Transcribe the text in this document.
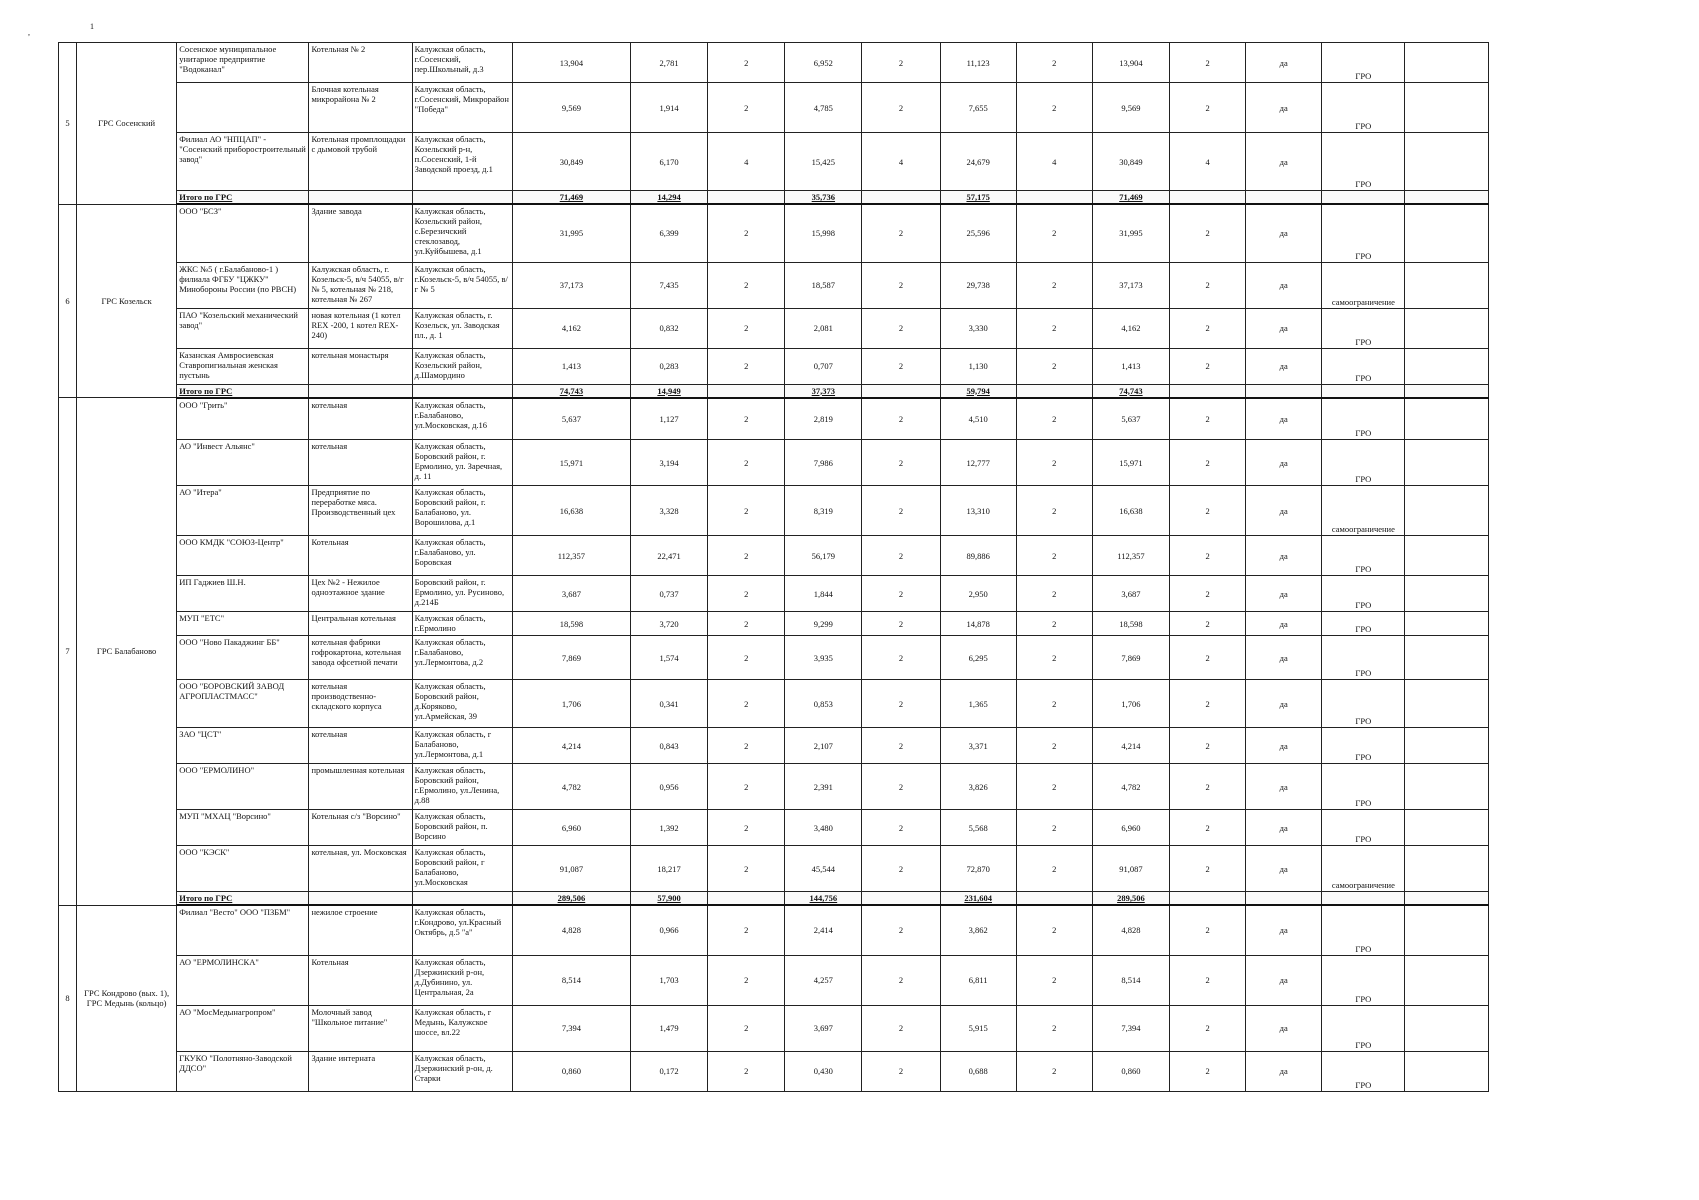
,
1
5	ГРС Сосенский	Сосенское муниципальное унитарное предприятие "Водоканал"	Котельная № 2	Калужская область, г.Сосенский, пер.Школьный, д.3	13,904	2,781	2	6,952	2	11,123	2	13,904	2	да	ГРО	
			Блочная котельная микрорайона № 2	Калужская область, г.Сосенский, Микрорайон "Победа"	9,569	1,914	2	4,785	2	7,655	2	9,569	2	да	ГРО	
		Филиал АО "НПЦАП" - "Сосенский приборостроительный завод"	Котельная промплощадки с дымовой трубой	Калужская область, Козельский р-н, п.Сосенский, 1-й Заводской проезд, д.1	30,849	6,170	4	15,425	4	24,679	4	30,849	4	да	ГРО	
		Итого по ГРС			71,469	14,294		35,736		57,175		71,469				
6	ГРС Козельск	ООО "БСЗ"	Здание завода	Калужская область, Козельский район, с.Березичский стеклозавод, ул.Куйбышева, д.1	31,995	6,399	2	15,998	2	25,596	2	31,995	2	да	ГРО	
		ЖКС №5 ( г.Балабаново-1 ) филиала ФГБУ "ЦЖКУ" Минобороны России (по РВСН)	Калужская область, г. Козельск-5, в/ч 54055, в/г № 5, котельная № 218, котельная № 267	Калужская область, г.Козельск-5, в/ч 54055, в/г № 5	37,173	7,435	2	18,587	2	29,738	2	37,173	2	да	самоограничение	
		ПАО "Козельский механический завод"	новая котельная (1 котел REX -200, 1 котел REX-240)	Калужская область, г. Козельск, ул. Заводская пл., д. 1	4,162	0,832	2	2,081	2	3,330	2	4,162	2	да	ГРО	
		Казанская Амвросиевская Ставропигиальная женская пустынь	котельная монастыря	Калужская область, Козельский район, д.Шамордино	1,413	0,283	2	0,707	2	1,130	2	1,413	2	да	ГРО	
		Итого по ГРС			74,743	14,949		37,373		59,794		74,743				
7	ГРС Балабаново	ООО "Грить"	котельная	Калужская область, г.Балабаново, ул.Московская, д.16	5,637	1,127	2	2,819	2	4,510	2	5,637	2	да	ГРО	
		АО "Инвест Альянс"	котельная	Калужская область, Боровский район, г. Ермолино, ул. Заречная, д. 11	15,971	3,194	2	7,986	2	12,777	2	15,971	2	да	ГРО	
		АО "Итера"	Предприятие по переработке мяса. Производственный цех	Калужская область, Боровский район, г. Балабаново, ул. Ворошилова, д.1	16,638	3,328	2	8,319	2	13,310	2	16,638	2	да	самоограничение	
		ООО КМДК "СОЮЗ-Центр"	Котельная	Калужская область, г.Балабаново, ул. Боровская	112,357	22,471	2	56,179	2	89,886	2	112,357	2	да	ГРО	
		ИП Гаджиев Ш.Н.	Цех №2 - Нежилое одноэтажное здание	Боровский район, г. Ермолино, ул. Русиново, д.214Б	3,687	0,737	2	1,844	2	2,950	2	3,687	2	да	ГРО	
		МУП "ЕТС"	Центральная котельная	Калужская область, г.Ермолино	18,598	3,720	2	9,299	2	14,878	2	18,598	2	да	ГРО	
		ООО "Ново Пакаджинг ББ"	котельная фабрики гофрокартона, котельная завода офсетной печати	Калужская область, г.Балабаново, ул.Лермонтова, д.2	7,869	1,574	2	3,935	2	6,295	2	7,869	2	да	ГРО	
		ООО "БОРОВСКИЙ ЗАВОД АГРОПЛАСТМАСС"	котельная производственно-складского корпуса	Калужская область, Боровский район, д.Коряково, ул.Армейская, 39	1,706	0,341	2	0,853	2	1,365	2	1,706	2	да	ГРО	
		ЗАО "ЦСТ"	котельная	Калужская область, г Балабаново, ул.Лермонтова, д.1	4,214	0,843	2	2,107	2	3,371	2	4,214	2	да	ГРО	
		ООО "ЕРМОЛИНО"	промышленная котельная	Калужская область, Боровский район, г.Ермолино, ул.Ленина, д.88	4,782	0,956	2	2,391	2	3,826	2	4,782	2	да	ГРО	
		МУП "МХАЦ "Ворсино"	Котельная с/з "Ворсино"	Калужская область, Боровский район, п. Ворсино	6,960	1,392	2	3,480	2	5,568	2	6,960	2	да	ГРО	
		ООО "КЭСК"	котельная, ул. Московская	Калужская область, Боровский район, г Балабаново, ул.Московская	91,087	18,217	2	45,544	2	72,870	2	91,087	2	да	самоограничение	
		Итого по ГРС			289,506	57,900		144,756		231,604		289,506				
8	ГРС Кондрово (вых. 1), ГРС Медынь (кольцо)	Филиал "Весто" ООО "ПЗБМ"	нежилое строение	Калужская область, г.Кондрово, ул.Красный Октябрь, д.5 "а"	4,828	0,966	2	2,414	2	3,862	2	4,828	2	да	ГРО	
		АО "ЕРМОЛИНСКА"	Котельная	Калужская область, Дзержинский р-он, д.Дубинино, ул. Центральная, 2а	8,514	1,703	2	4,257	2	6,811	2	8,514	2	да	ГРО	
		АО "МосМедынагропром"	Молочный завод "Школьное питание"	Калужская область, г Медынь, Калужское шоссе, вл.22	7,394	1,479	2	3,697	2	5,915	2	7,394	2	да	ГРО	
		ГКУКО "Полотняно-Заводской ДДСО"	Здание интерната	Калужская область, Дзержинский р-он, д. Старки	0,860	0,172	2	0,430	2	0,688	2	0,860	2	да	ГРО	
